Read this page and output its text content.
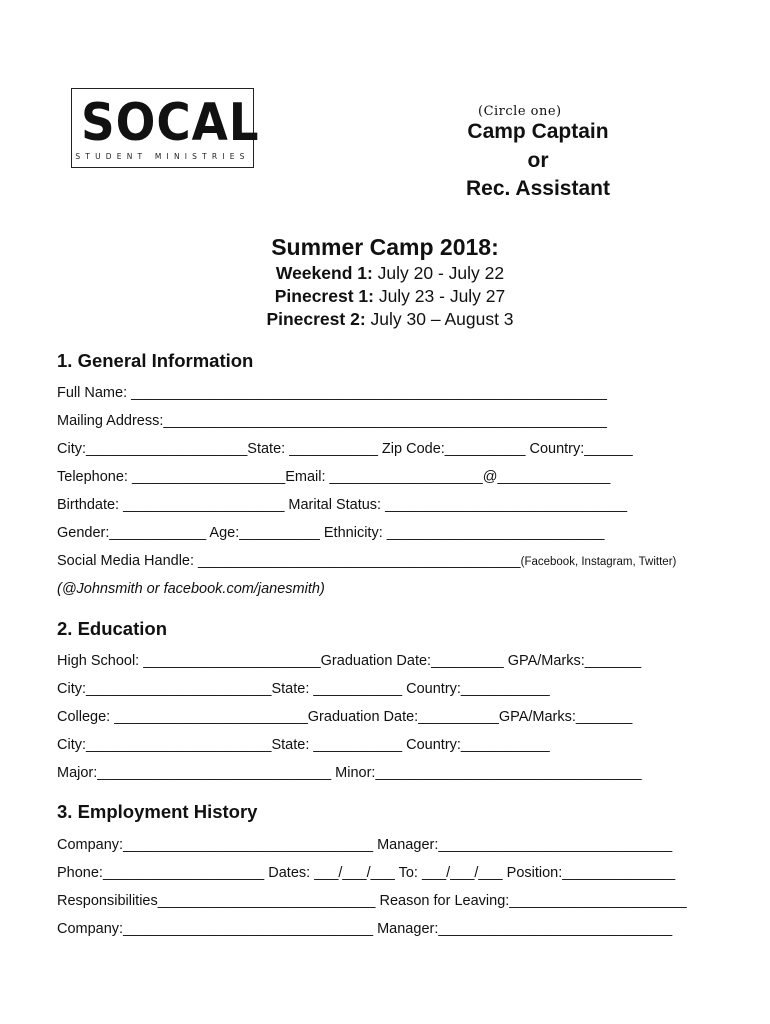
SOCAL
STUDENT MINISTRIES
(Circle one)
Camp Captain
or
Rec. Assistant
Summer Camp 2018:
Weekend 1: July 20 - July 22
Pinecrest 1: July 23 - July 27
Pinecrest 2: July 30 – August 3
1. General Information
Full Name: ___________________________________________________________
Mailing Address:_______________________________________________________
City:____________________State: ___________ Zip Code:__________ Country:______
Telephone: ___________________Email: ___________________@______________
Birthdate: ____________________ Marital Status: ______________________________
Gender:____________ Age:__________ Ethnicity: ___________________________
Social Media Handle: ________________________________________(Facebook, Instagram, Twitter)
(@Johnsmith or facebook.com/janesmith)
2. Education
High School: ______________________Graduation Date:_________ GPA/Marks:_______
City:_______________________State: ___________ Country:___________
College: ________________________Graduation Date:__________GPA/Marks:_______
City:_______________________State: ___________ Country:___________
Major:_____________________________ Minor:_________________________________
3. Employment History
Company:_______________________________ Manager:_____________________________
Phone:____________________ Dates: ___/___/___ To: ___/___/___ Position:______________
Responsibilities___________________________ Reason for Leaving:______________________
Company:_______________________________ Manager:_____________________________
